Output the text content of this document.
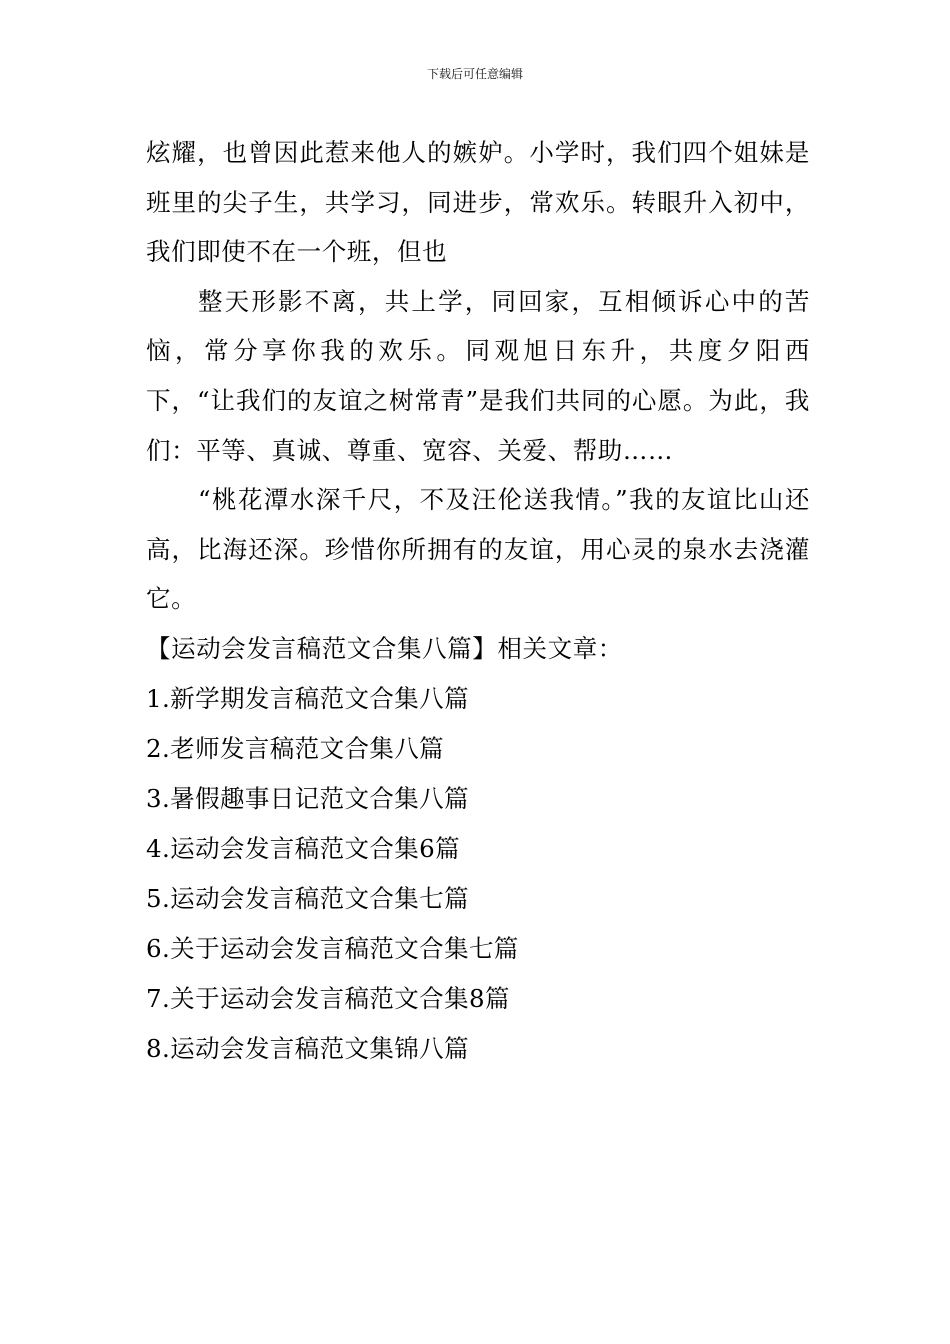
下载后可任意编辑

炫耀，也曾因此惹来他人的嫉妒。小学时，我们四个姐妹是班里的尖子生，共学习，同进步，常欢乐。转眼升入初中，我们即使不在一个班，但也

整天形影不离，共上学，同回家，互相倾诉心中的苦恼，常分享你我的欢乐。同观旭日东升，共度夕阳西下，“让我们的友谊之树常青”是我们共同的心愿。为此，我们：平等、真诚、尊重、宽容、关爱、帮助……

“桃花潭水深千尺，不及汪伦送我情。”我的友谊比山还高，比海还深。珍惜你所拥有的友谊，用心灵的泉水去浇灌它。

【运动会发言稿范文合集八篇】相关文章：

1.新学期发言稿范文合集八篇
2.老师发言稿范文合集八篇
3.暑假趣事日记范文合集八篇
4.运动会发言稿范文合集6篇
5.运动会发言稿范文合集七篇
6.关于运动会发言稿范文合集七篇
7.关于运动会发言稿范文合集8篇
8.运动会发言稿范文集锦八篇
